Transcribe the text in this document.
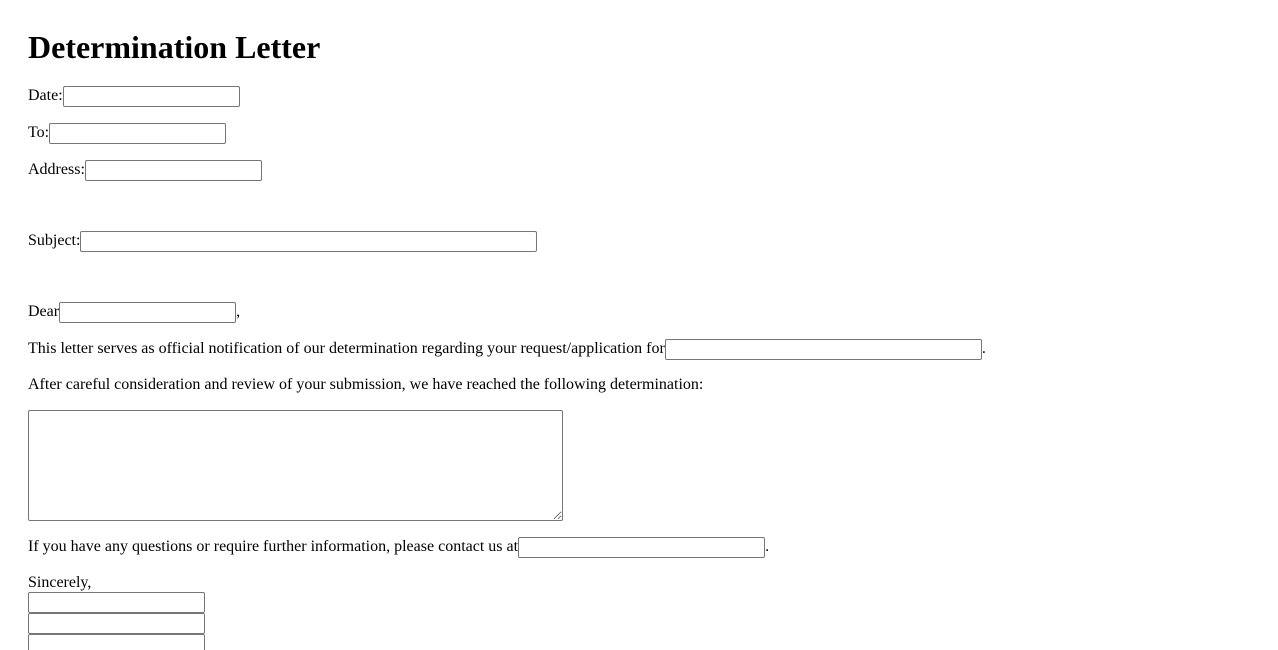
Determination Letter
Date:
To:
Address:
Subject:
Dear	,
This letter serves as official notification of our determination regarding your request/application for	.
After careful consideration and review of your submission, we have reached the following determination:
If you have any questions or require further information, please contact us at	.
Sincerely,
